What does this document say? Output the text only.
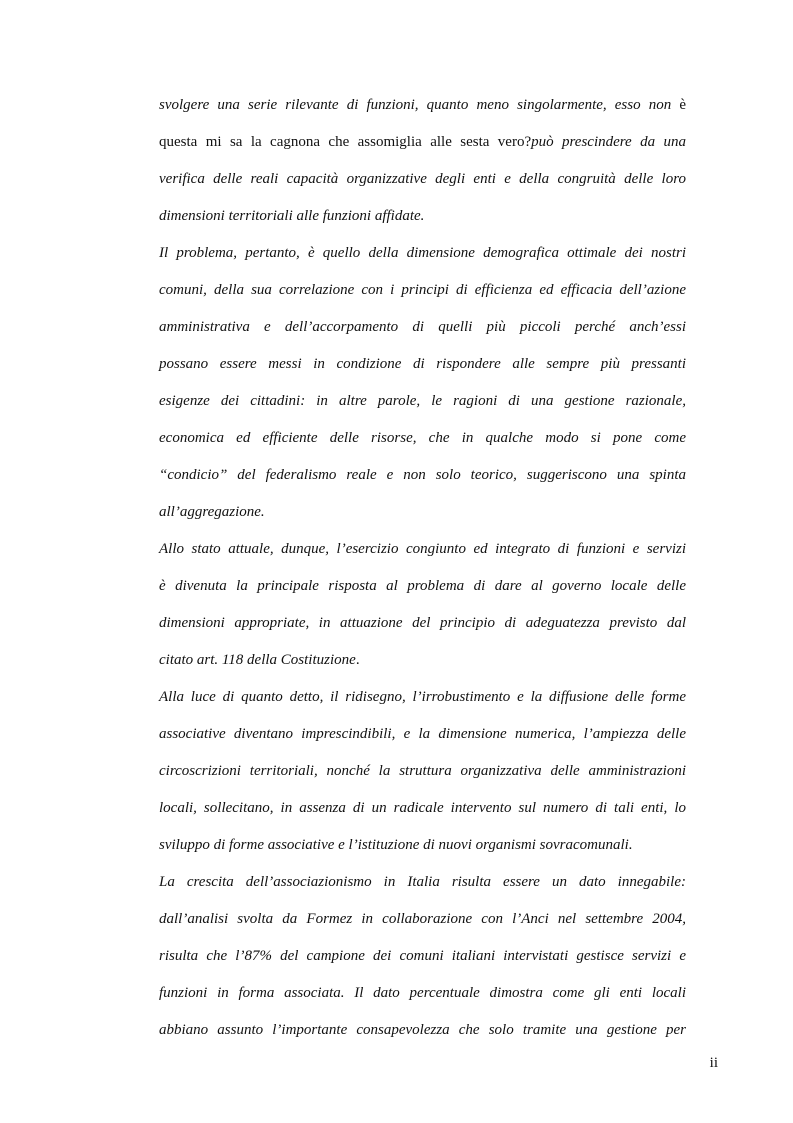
svolgere una serie rilevante di funzioni, quanto meno singolarmente, esso non è
questa mi sa la cagnona che assomiglia alle sesta vero?può prescindere da una
verifica delle reali capacità organizzative degli enti e della congruità delle loro
dimensioni territoriali alle funzioni affidate.
Il problema, pertanto, è quello della dimensione demografica ottimale dei nostri
comuni, della sua correlazione con i principi di efficienza ed efficacia dell’azione
amministrativa e dell’accorpamento di quelli più piccoli perché anch’essi
possano essere messi in condizione di rispondere alle sempre più pressanti
esigenze dei cittadini: in altre parole, le ragioni di una gestione razionale,
economica ed efficiente delle risorse, che in qualche modo si pone come
“condicio” del federalismo reale e non solo teorico, suggeriscono una spinta
all’aggregazione.
Allo stato attuale, dunque, l’esercizio congiunto ed integrato di funzioni e servizi
è divenuta la principale risposta al problema di dare al governo locale delle
dimensioni appropriate, in attuazione del principio di adeguatezza previsto dal
citato art. 118 della Costituzione.
Alla luce di quanto detto, il ridisegno, l’irrobustimento e la diffusione delle forme
associative diventano imprescindibili, e la dimensione numerica, l’ampiezza delle
circoscrizioni territoriali, nonché la struttura organizzativa delle amministrazioni
locali, sollecitano, in assenza di un radicale intervento sul numero di tali enti, lo
sviluppo di forme associative e l’istituzione di nuovi organismi sovracomunali.
La crescita dell’associazionismo in Italia risulta essere un dato innegabile:
dall’analisi svolta da Formez in collaborazione con l’Anci nel settembre 2004,
risulta che l’87% del campione dei comuni italiani intervistati gestisce servizi e
funzioni in forma associata. Il dato percentuale dimostra come gli enti locali
abbiano assunto l’importante consapevolezza che solo tramite una gestione per
ii
